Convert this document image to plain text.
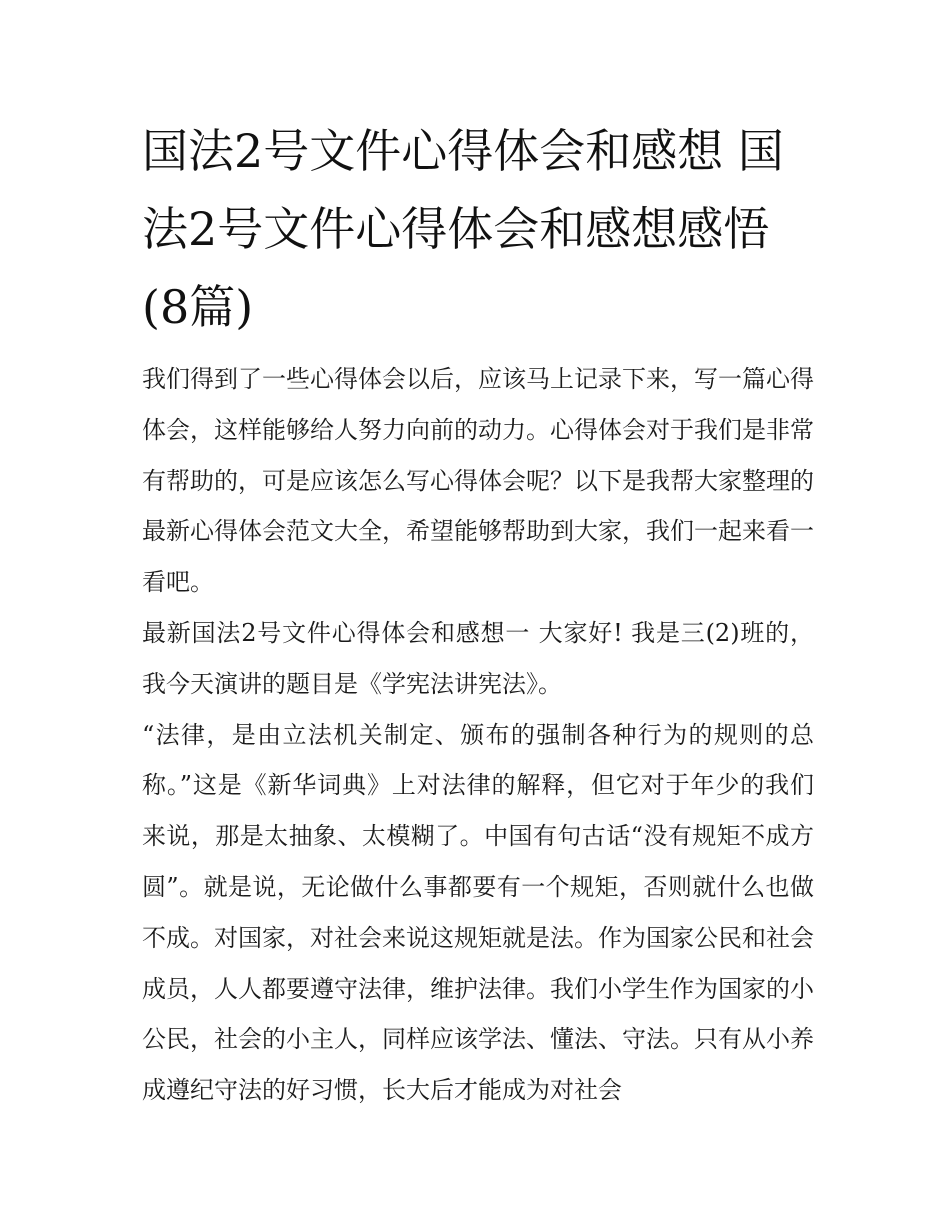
国法2号文件心得体会和感想 国法2号文件心得体会和感想感悟(8篇)

我们得到了一些心得体会以后，应该马上记录下来，写一篇心得体会，这样能够给人努力向前的动力。心得体会对于我们是非常有帮助的，可是应该怎么写心得体会呢？以下是我帮大家整理的最新心得体会范文大全，希望能够帮助到大家，我们一起来看一看吧。

最新国法2号文件心得体会和感想一 大家好! 我是三(2)班的，我今天演讲的题目是《学宪法讲宪法》。

“法律，是由立法机关制定、颁布的强制各种行为的规则的总称。”这是《新华词典》上对法律的解释，但它对于年少的我们来说，那是太抽象、太模糊了。中国有句古话“没有规矩不成方圆”。就是说，无论做什么事都要有一个规矩，否则就什么也做不成。对国家，对社会来说这规矩就是法。作为国家公民和社会成员，人人都要遵守法律，维护法律。我们小学生作为国家的小公民，社会的小主人，同样应该学法、懂法、守法。只有从小养成遵纪守法的好习惯，长大后才能成为对社会
